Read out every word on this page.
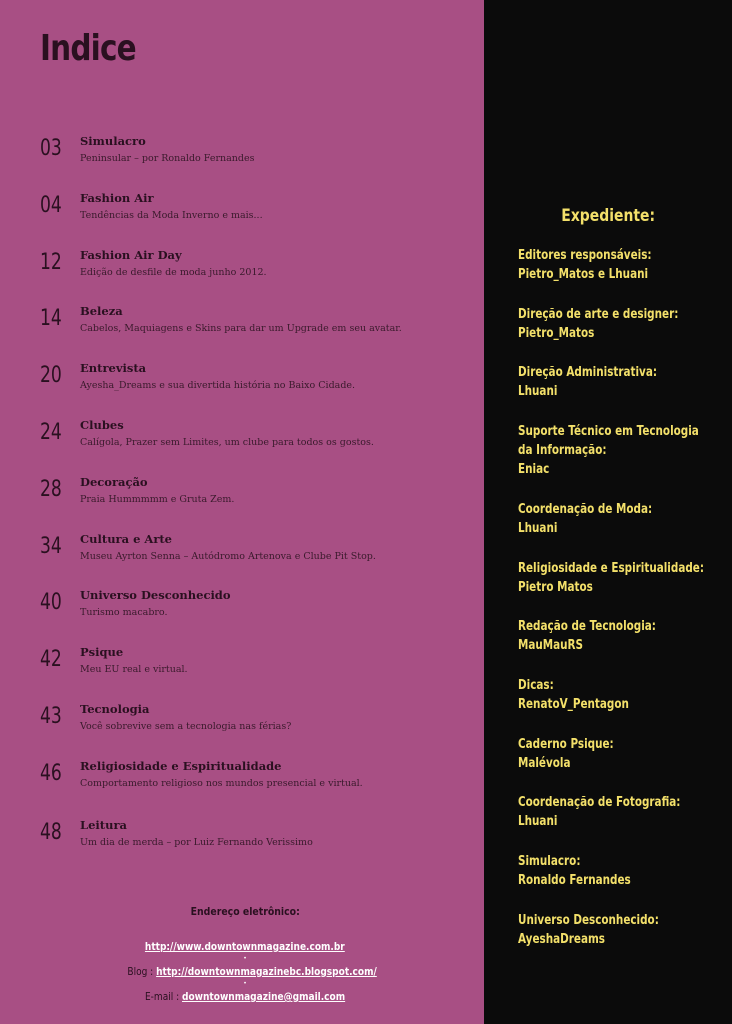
Indice
03 Simulacro
Peninsular – por Ronaldo Fernandes
04 Fashion Air
Tendências da Moda Inverno e mais...
12 Fashion Air Day
Edição de desfile de moda junho 2012.
14 Beleza
Cabelos, Maquiagens e Skins para dar um Upgrade em seu avatar.
20 Entrevista
Ayesha_Dreams e sua divertida história no Baixo Cidade.
24 Clubes
Calígola, Prazer sem Limites, um clube para todos os gostos.
28 Decoração
Praia Hummmmm e Gruta Zem.
34 Cultura e Arte
Museu Ayrton Senna – Autódromo Artenova e Clube Pit Stop.
40 Universo Desconhecido
Turismo macabro.
42 Psique
Meu EU real e virtual.
43 Tecnologia
Você sobrevive sem a tecnologia nas férias?
46 Religiosidade e Espiritualidade
Comportamento religioso nos mundos presencial e virtual.
48 Leitura
Um dia de merda – por Luiz Fernando Verissimo
Endereço eletrônico:
http://www.downtownmagazine.com.br
•
Blog : http://downtownmagazinebc.blogspot.com/
•
E-mail : downtownmagazine@gmail.com
Expediente:
Editores responsáveis:
Pietro_Matos e Lhuani
Direção de arte e designer:
Pietro_Matos
Direção Administrativa:
Lhuani
Suporte Técnico em Tecnologia
da Informação:
Eniac
Coordenação de Moda:
Lhuani
Religiosidade e Espiritualidade:
Pietro Matos
Redação de Tecnologia:
MauMauRS
Dicas:
RenatoV_Pentagon
Caderno Psique:
Malévola
Coordenação de Fotografia:
Lhuani
Simulacro:
Ronaldo Fernandes
Universo Desconhecido:
AyeshaDreams
